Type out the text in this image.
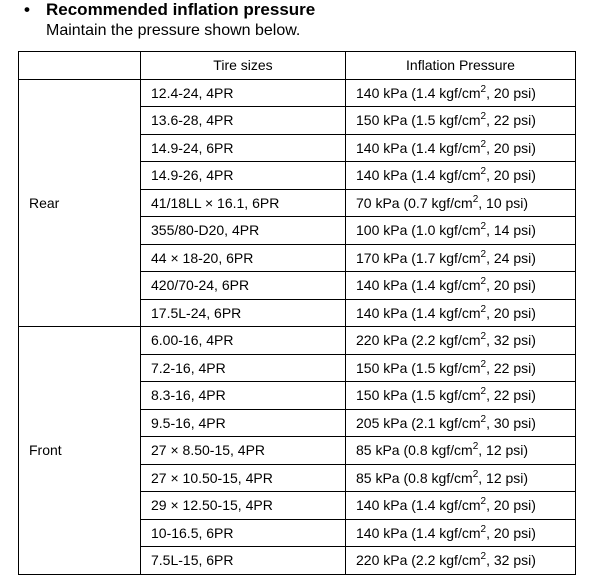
• Recommended inflation pressure
Maintain the pressure shown below.
	Tire sizes	Inflation Pressure
Rear	12.4-24, 4PR	140 kPa (1.4 kgf/$cm^2$, 20 psi)
	13.6-28, 4PR	150 kPa (1.5 kgf/$cm^2$, 22 psi)
	14.9-24, 6PR	140 kPa (1.4 kgf/$cm^2$, 20 psi)
	14.9-26, 4PR	140 kPa (1.4 kgf/$cm^2$, 20 psi)
	41/18LL × 16.1, 6PR	70 kPa (0.7 kgf/$cm^2$, 10 psi)
	355/80-D20, 4PR	100 kPa (1.0 kgf/$cm^2$, 14 psi)
	44 × 18-20, 6PR	170 kPa (1.7 kgf/$cm^2$, 24 psi)
	420/70-24, 6PR	140 kPa (1.4 kgf/$cm^2$, 20 psi)
	17.5L-24, 6PR	140 kPa (1.4 kgf/$cm^2$, 20 psi)
Front	6.00-16, 4PR	220 kPa (2.2 kgf/$cm^2$, 32 psi)
	7.2-16, 4PR	150 kPa (1.5 kgf/$cm^2$, 22 psi)
	8.3-16, 4PR	150 kPa (1.5 kgf/$cm^2$, 22 psi)
	9.5-16, 4PR	205 kPa (2.1 kgf/$cm^2$, 30 psi)
	27 × 8.50-15, 4PR	85 kPa (0.8 kgf/$cm^2$, 12 psi)
	27 × 10.50-15, 4PR	85 kPa (0.8 kgf/$cm^2$, 12 psi)
	29 × 12.50-15, 4PR	140 kPa (1.4 kgf/$cm^2$, 20 psi)
	10-16.5, 6PR	140 kPa (1.4 kgf/$cm^2$, 20 psi)
	7.5L-15, 6PR	220 kPa (2.2 kgf/$cm^2$, 32 psi)
